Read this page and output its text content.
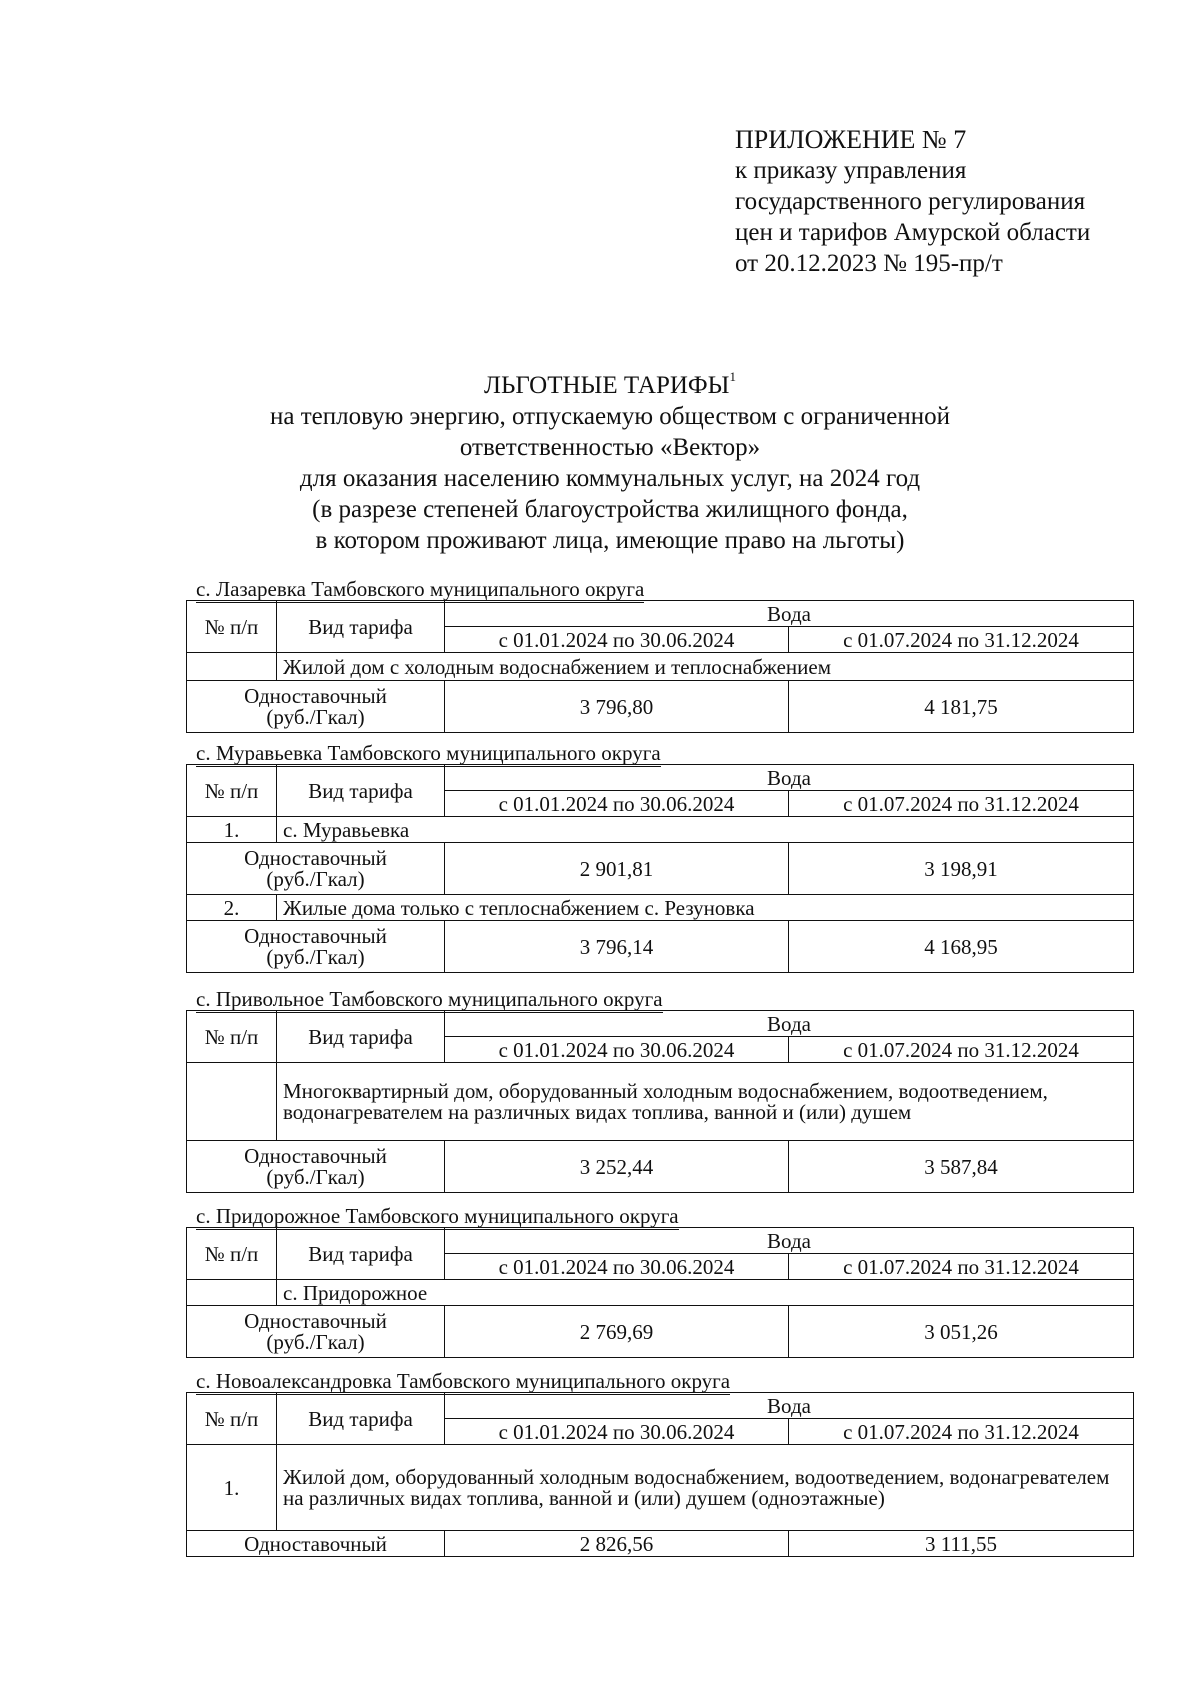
ПРИЛОЖЕНИЕ № 7
к приказу управления
государственного регулирования
цен и тарифов Амурской области
от 20.12.2023 № 195-пр/т
ЛЬГОТНЫЕ ТАРИФЫ$^1$
на тепловую энергию, отпускаемую обществом с ограниченной
ответственностью «Вектор»
для оказания населению коммунальных услуг, на 2024 год
(в разрезе степеней благоустройства жилищного фонда,
в котором проживают лица, имеющие право на льготы)
с. Лазаревка Тамбовского муниципального округа
№ п/п	Вид тарифа	Вода	
		с 01.01.2024 по 30.06.2024	с 01.07.2024 по 31.12.2024
	Жилой дом с холодным водоснабжением и теплоснабжением		

Одноставочный
(руб./Гкал)		3 796,80	4 181,75
с. Муравьевка Тамбовского муниципального округа
№ п/п	Вид тарифа	Вода	
		с 01.01.2024 по 30.06.2024	с 01.07.2024 по 31.12.2024
1.	с. Муравьевка		

Одноставочный
(руб./Гкал)		2 901,81	3 198,91
2.	Жилые дома только с теплоснабжением с. Резуновка		

Одноставочный
(руб./Гкал)		3 796,14	4 168,95
с. Привольное Тамбовского муниципального округа
№ п/п	Вид тарифа	Вода	
		с 01.01.2024 по 30.06.2024	с 01.07.2024 по 31.12.2024
	Многоквартирный дом, оборудованный холодным водоснабжением, водоотведением, водонагревателем на различных видах топлива, ванной и (или) душем		

Одноставочный
(руб./Гкал)		3 252,44	3 587,84
с. Придорожное Тамбовского муниципального округа
№ п/п	Вид тарифа	Вода	
		с 01.01.2024 по 30.06.2024	с 01.07.2024 по 31.12.2024
	с. Придорожное		

Одноставочный
(руб./Гкал)		2 769,69	3 051,26
с. Новоалександровка Тамбовского муниципального округа
№ п/п	Вид тарифа	Вода	
		с 01.01.2024 по 30.06.2024	с 01.07.2024 по 31.12.2024
1.	Жилой дом, оборудованный холодным водоснабжением, водоотведением, водонагревателем на различных видах топлива, ванной и (или) душем (одноэтажные)		
Одноставочный		2 826,56	3 111,55
